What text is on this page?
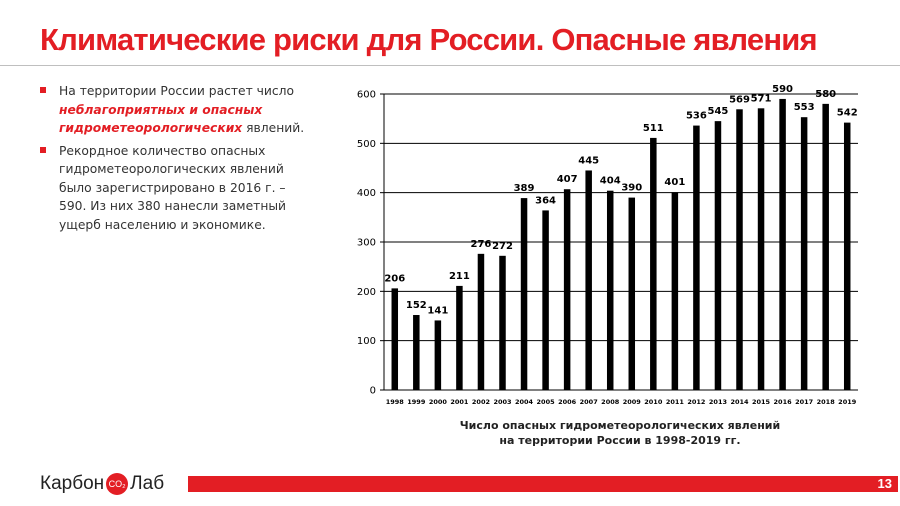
Климатические риски для России. Опасные явления
На территории России растет число неблагоприятных и опасных гидрометеорологических явлений.
Рекордное количество опасных гидрометеорологических явлений было зарегистрировано в 2016 г. – 590. Из них 380 нанесли заметный ущерб населению и экономике.
0
100
200
300
400
500
600
206
1998
152
1999
141
2000
211
2001
276
2002
272
2003
389
2004
364
2005
407
2006
445
2007
404
2008
390
2009
511
2010
401
2011
536
2012
545
2013
569
2014
571
2015
590
2016
553
2017
580
2018
542
2019
Число опасных гидрометеорологических явлений
на территории России в 1998-2019 гг.
Карбон CO₂ Лаб	13
